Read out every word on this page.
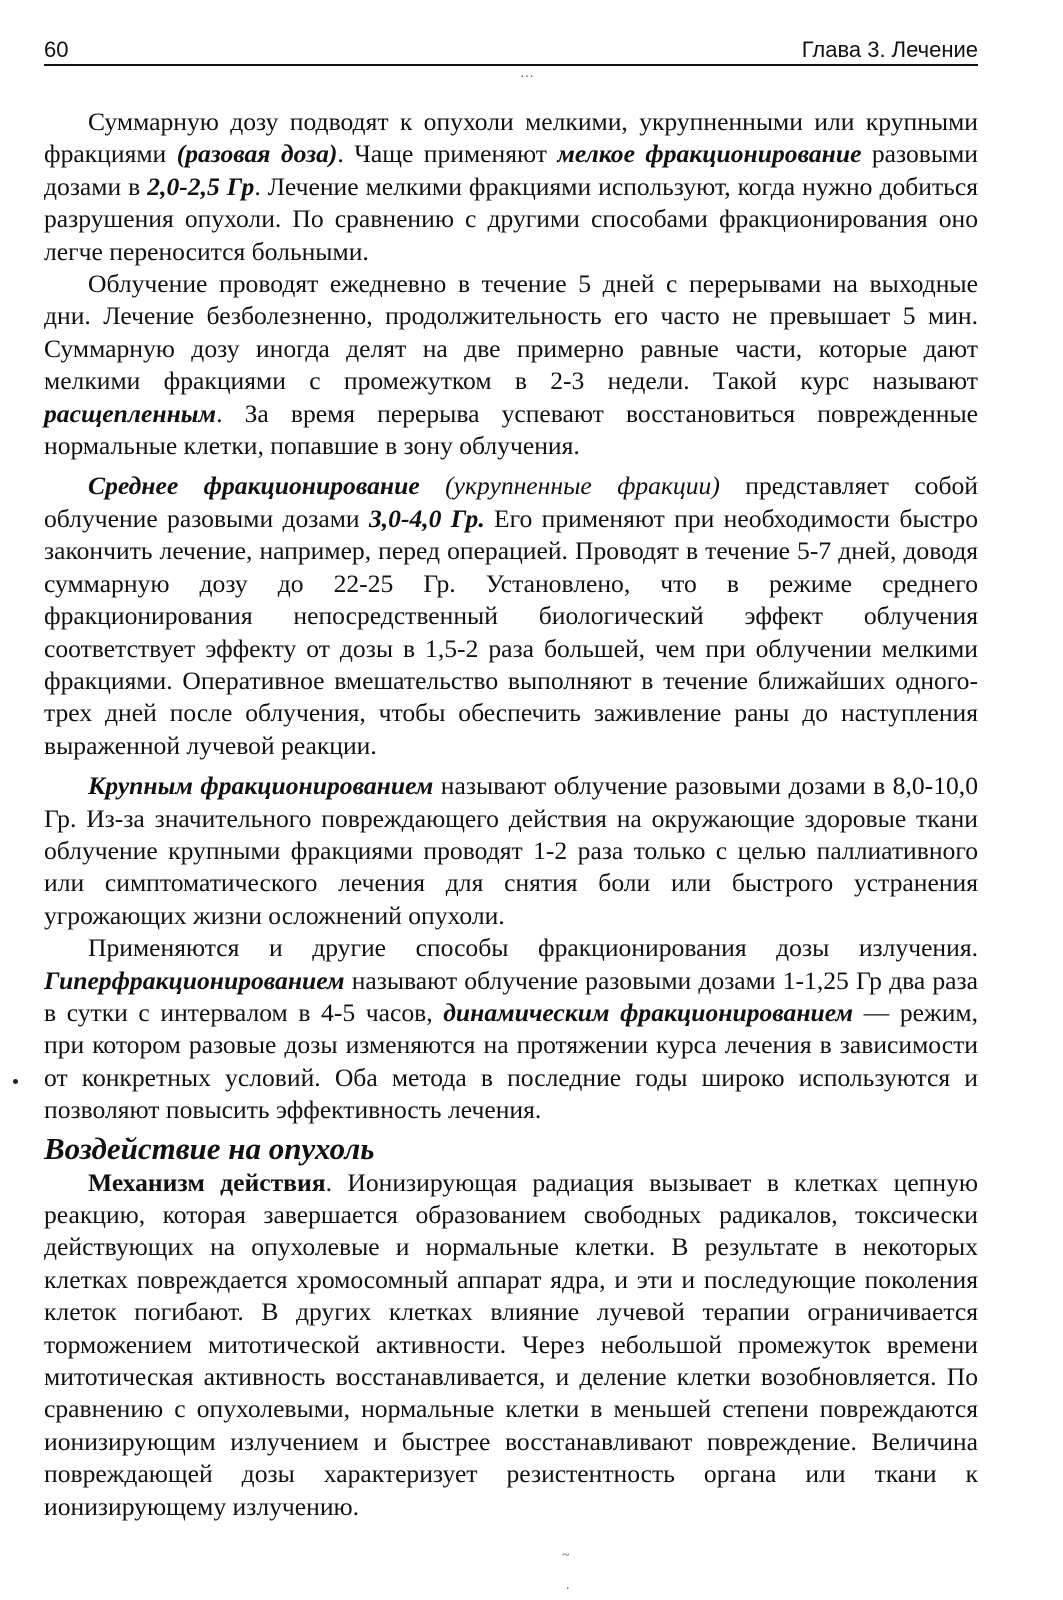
60	Глава 3. Лечение

Суммарную дозу подводят к опухоли мелкими, укрупненными или крупными фракциями (разовая доза). Чаще применяют мелкое фракционирование разовыми дозами в 2,0-2,5 Гр. Лечение мелкими фракциями используют, когда нужно добиться разрушения опухоли. По сравнению с другими способами фракционирования оно легче переносится больными.

Облучение проводят ежедневно в течение 5 дней с перерывами на выходные дни. Лечение безболезненно, продолжительность его часто не превышает 5 мин. Суммарную дозу иногда делят на две примерно равные части, которые дают мелкими фракциями с промежутком в 2-3 недели. Такой курс называют расщепленным. За время перерыва успевают восстановиться поврежденные нормальные клетки, попавшие в зону облучения.

Среднее фракционирование (укрупненные фракции) представляет собой облучение разовыми дозами 3,0-4,0 Гр. Его применяют при необходимости быстро закончить лечение, например, перед операцией. Проводят в течение 5-7 дней, доводя суммарную дозу до 22-25 Гр. Установлено, что в режиме среднего фракционирования непосредственный биологический эффект облучения соответствует эффекту от дозы в 1,5-2 раза большей, чем при облучении мелкими фракциями. Оперативное вмешательство выполняют в течение ближайших одного-трех дней после облучения, чтобы обеспечить заживление раны до наступления выраженной лучевой реакции.

Крупным фракционированием называют облучение разовыми дозами в 8,0-10,0 Гр. Из-за значительного повреждающего действия на окружающие здоровые ткани облучение крупными фракциями проводят 1-2 раза только с целью паллиативного или симптоматического лечения для снятия боли или быстрого устранения угрожающих жизни осложнений опухоли.

Применяются и другие способы фракционирования дозы излучения. Гиперфракционированием называют облучение разовыми дозами 1-1,25 Гр два раза в сутки с интервалом в 4-5 часов, динамическим фракционированием — режим, при котором разовые дозы изменяются на протяжении курса лечения в зависимости от конкретных условий. Оба метода в последние годы широко используются и позволяют повысить эффективность лечения.

Воздействие на опухоль

Механизм действия. Ионизирующая радиация вызывает в клетках цепную реакцию, которая завершается образованием свободных радикалов, токсически действующих на опухолевые и нормальные клетки. В результате в некоторых клетках повреждается хромосомный аппарат ядра, и эти и последующие поколения клеток погибают. В других клетках влияние лучевой терапии ограничивается торможением митотической активности. Через небольшой промежуток времени митотическая активность восстанавливается, и деление клетки возобновляется. По сравнению с опухолевыми, нормальные клетки в меньшей степени повреждаются ионизирующим излучением и быстрее восстанавливают повреждение. Величина повреждающей дозы характеризует резистентность органа или ткани к ионизирующему излучению.

···
~
.
